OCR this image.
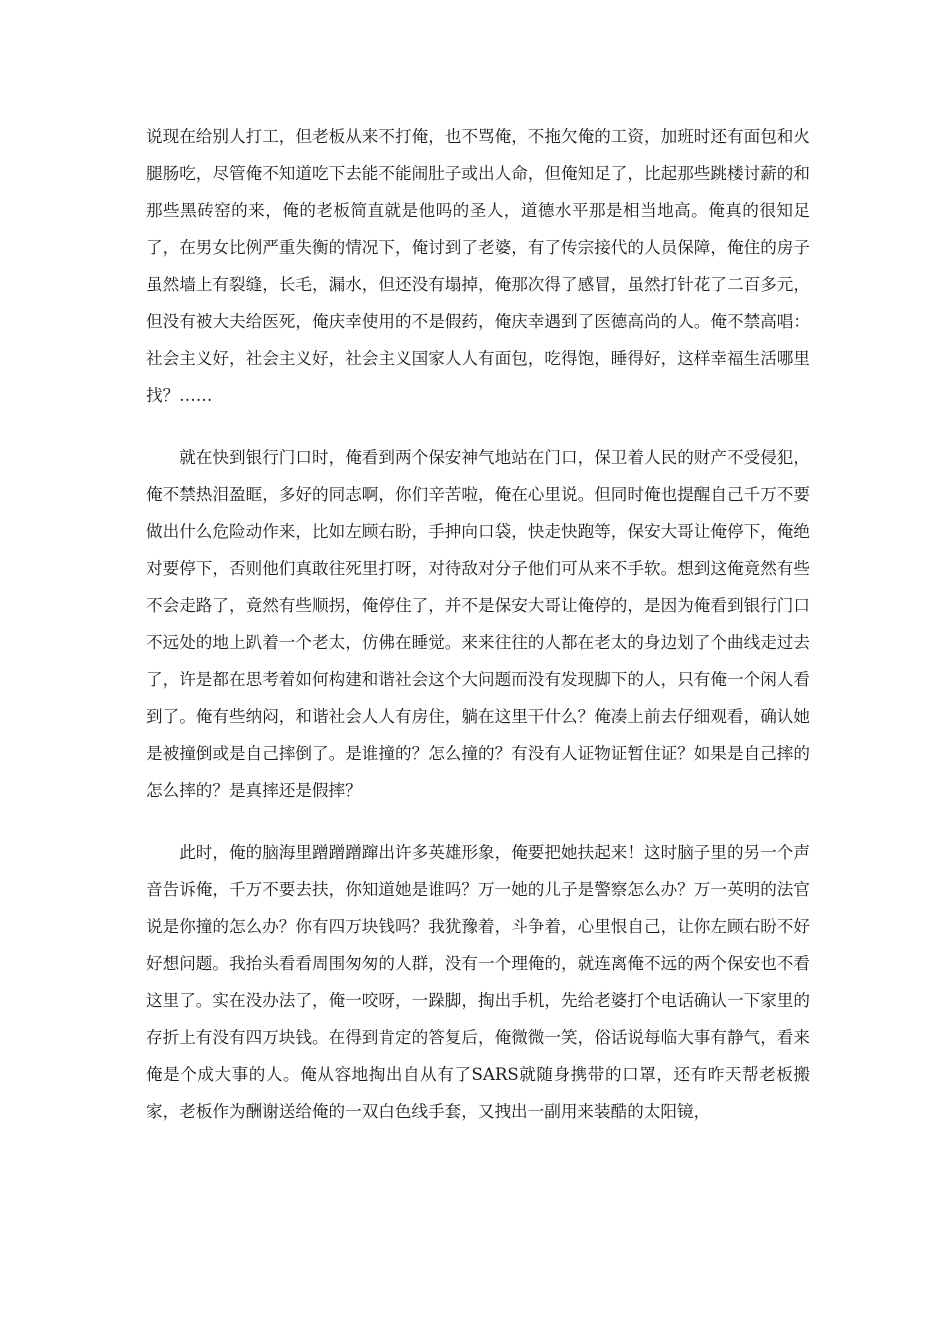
说现在给别人打工，但老板从来不打俺，也不骂俺，不拖欠俺的工资，加班时还有面包和火腿肠吃，尽管俺不知道吃下去能不能闹肚子或出人命，但俺知足了，比起那些跳楼讨薪的和那些黑砖窑的来，俺的老板简直就是他吗的圣人，道德水平那是相当地高。俺真的很知足了，在男女比例严重失衡的情况下，俺讨到了老婆，有了传宗接代的人员保障，俺住的房子虽然墙上有裂缝，长毛，漏水，但还没有塌掉，俺那次得了感冒，虽然打针花了二百多元，但没有被大夫给医死，俺庆幸使用的不是假药，俺庆幸遇到了医德高尚的人。俺不禁高唱：社会主义好，社会主义好，社会主义国家人人有面包，吃得饱，睡得好，这样幸福生活哪里找？……

就在快到银行门口时，俺看到两个保安神气地站在门口，保卫着人民的财产不受侵犯，俺不禁热泪盈眶，多好的同志啊，你们辛苦啦，俺在心里说。但同时俺也提醒自己千万不要做出什么危险动作来，比如左顾右盼，手抻向口袋，快走快跑等，保安大哥让俺停下，俺绝对要停下，否则他们真敢往死里打呀，对待敌对分子他们可从来不手软。想到这俺竟然有些不会走路了，竟然有些顺拐，俺停住了，并不是保安大哥让俺停的，是因为俺看到银行门口不远处的地上趴着一个老太，仿佛在睡觉。来来往往的人都在老太的身边划了个曲线走过去了，许是都在思考着如何构建和谐社会这个大问题而没有发现脚下的人，只有俺一个闲人看到了。俺有些纳闷，和谐社会人人有房住，躺在这里干什么？俺凑上前去仔细观看，确认她是被撞倒或是自己摔倒了。是谁撞的？怎么撞的？有没有人证物证暂住证？如果是自己摔的怎么摔的？是真摔还是假摔？

此时，俺的脑海里蹭蹭蹭蹿出许多英雄形象，俺要把她扶起来！这时脑子里的另一个声音告诉俺，千万不要去扶，你知道她是谁吗？万一她的儿子是警察怎么办？万一英明的法官说是你撞的怎么办？你有四万块钱吗？我犹豫着，斗争着，心里恨自己，让你左顾右盼不好好想问题。我抬头看看周围匆匆的人群，没有一个理俺的，就连离俺不远的两个保安也不看这里了。实在没办法了，俺一咬呀，一跺脚，掏出手机，先给老婆打个电话确认一下家里的存折上有没有四万块钱。在得到肯定的答复后，俺微微一笑，俗话说每临大事有静气，看来俺是个成大事的人。俺从容地掏出自从有了SARS就随身携带的口罩，还有昨天帮老板搬家，老板作为酬谢送给俺的一双白色线手套，又拽出一副用来装酷的太阳镜，
